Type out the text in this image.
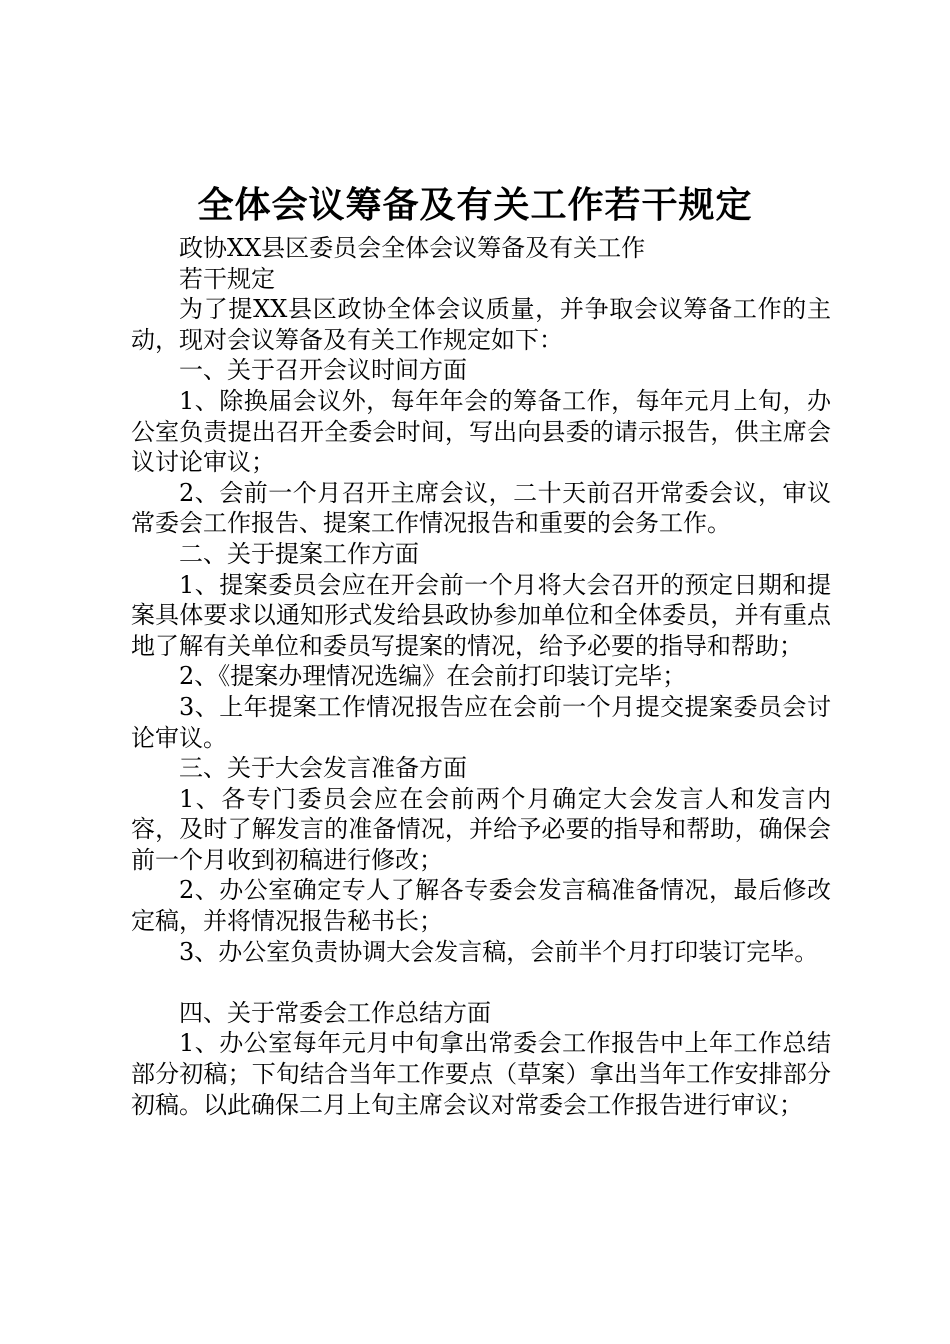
全体会议筹备及有关工作若干规定

政协XX县区委员会全体会议筹备及有关工作

若干规定

为了提XX县区政协全体会议质量，并争取会议筹备工作的主动，现对会议筹备及有关工作规定如下：

一、关于召开会议时间方面

1、除换届会议外，每年年会的筹备工作，每年元月上旬，办公室负责提出召开全委会时间，写出向县委的请示报告，供主席会议讨论审议；

2、会前一个月召开主席会议，二十天前召开常委会议，审议常委会工作报告、提案工作情况报告和重要的会务工作。

二、关于提案工作方面

1、提案委员会应在开会前一个月将大会召开的预定日期和提案具体要求以通知形式发给县政协参加单位和全体委员，并有重点地了解有关单位和委员写提案的情况，给予必要的指导和帮助；

2、《提案办理情况选编》在会前打印装订完毕；

3、上年提案工作情况报告应在会前一个月提交提案委员会讨论审议。

三、关于大会发言准备方面

1、各专门委员会应在会前两个月确定大会发言人和发言内容，及时了解发言的准备情况，并给予必要的指导和帮助，确保会前一个月收到初稿进行修改；

2、办公室确定专人了解各专委会发言稿准备情况，最后修改定稿，并将情况报告秘书长；

3、办公室负责协调大会发言稿，会前半个月打印装订完毕。

四、关于常委会工作总结方面

1、办公室每年元月中旬拿出常委会工作报告中上年工作总结部分初稿；下旬结合当年工作要点（草案）拿出当年工作安排部分初稿。以此确保二月上旬主席会议对常委会工作报告进行审议；
